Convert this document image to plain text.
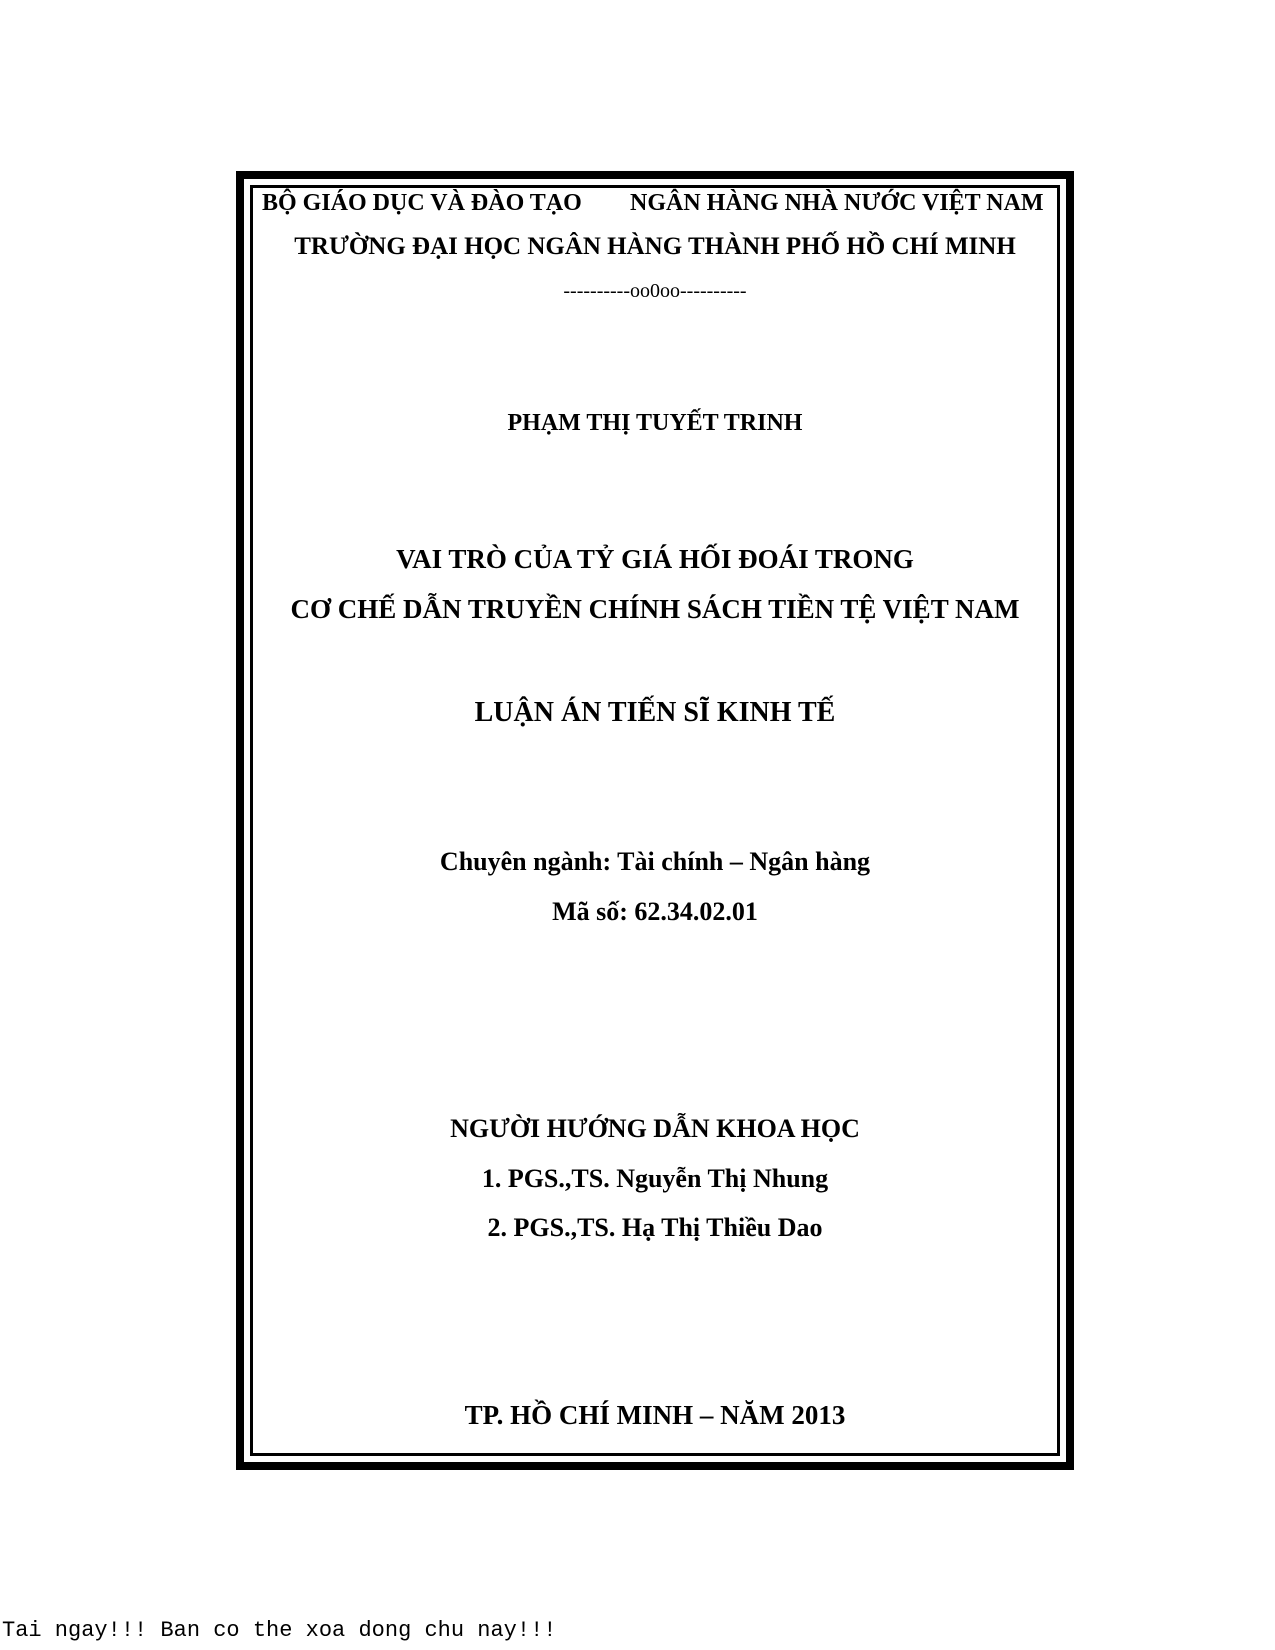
BỘ GIÁO DỤC VÀ ĐÀO TẠO NGÂN HÀNG NHÀ NƯỚC VIỆT NAM
TRƯỜNG ĐẠI HỌC NGÂN HÀNG THÀNH PHỐ HỒ CHÍ MINH
----------oo0oo----------
PHẠM THỊ TUYẾT TRINH
VAI TRÒ CỦA TỶ GIÁ HỐI ĐOÁI TRONG
CƠ CHẾ DẪN TRUYỀN CHÍNH SÁCH TIỀN TỆ VIỆT NAM
LUẬN ÁN TIẾN SĨ KINH TẾ
Chuyên ngành: Tài chính – Ngân hàng
Mã số: 62.34.02.01
NGƯỜI HƯỚNG DẪN KHOA HỌC
1. PGS.,TS. Nguyễn Thị Nhung
2. PGS.,TS. Hạ Thị Thiều Dao
TP. HỒ CHÍ MINH – NĂM 2013
Tai ngay!!! Ban co the xoa dong chu nay!!!
